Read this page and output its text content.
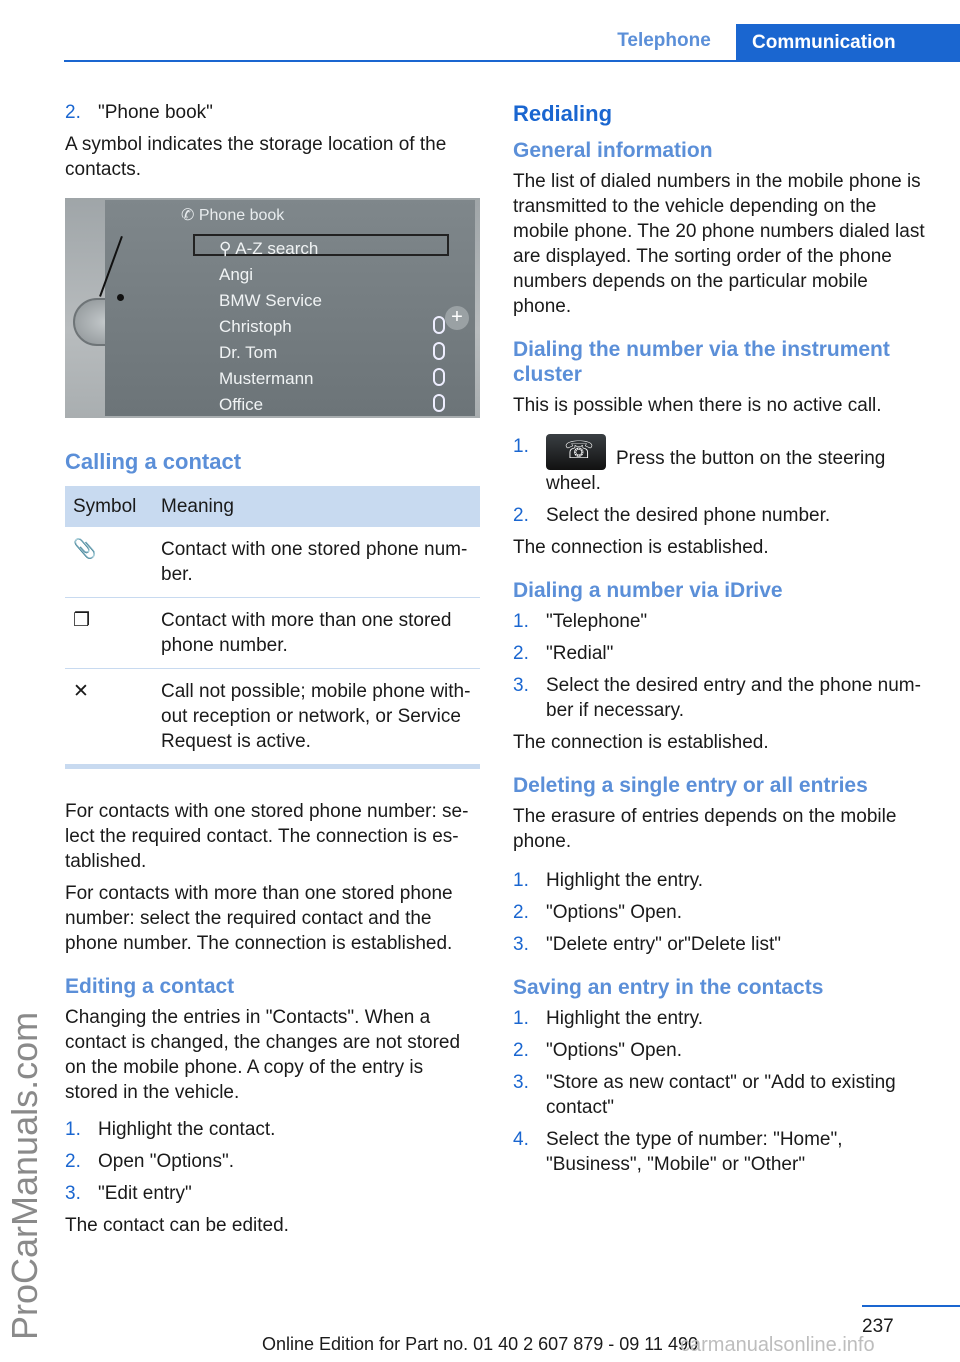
Telephone	Communication
ProCarManuals.com
2. "Phone book"

A symbol indicates the storage location of the contacts.

✆ Phone book
⚲ A-Z search
Angi
BMW Service
Christoph
Dr. Tom
Mustermann
Office
+
Calling a contact
Symbol	Meaning
📎	Contact with one stored phone number.
❐	Contact with more than one stored phone number.
✕	Call not possible; mobile phone without reception or network, or Service Request is active.

For contacts with one stored phone number: select the required contact. The connection is established.

For contacts with more than one stored phone number: select the required contact and the phone number. The connection is established.

Editing a contact

Changing the entries in "Contacts". When a contact is changed, the changes are not stored on the mobile phone. A copy of the entry is stored in the vehicle.

1. Highlight the contact.
2. Open "Options".
3. "Edit entry"

The contact can be edited.

Redialing
General information

The list of dialed numbers in the mobile phone is transmitted to the vehicle depending on the mobile phone. The 20 phone numbers dialed last are displayed. The sorting order of the phone numbers depends on the particular mobile phone.

Dialing the number via the instrument cluster

This is possible when there is no active call.

1. ☏ Press the button on the steering wheel.
2. Select the desired phone number.

The connection is established.

Dialing a number via iDrive
1. "Telephone"
2. "Redial"
3. Select the desired entry and the phone number if necessary.

The connection is established.

Deleting a single entry or all entries

The erasure of entries depends on the mobile phone.

1. Highlight the entry.
2. "Options" Open.
3. "Delete entry" or"Delete list"
Saving an entry in the contacts
1. Highlight the entry.
2. "Options" Open.
3. "Store as new contact" or "Add to existing contact"
4. Select the type of number: "Home", "Business", "Mobile" or "Other"
237
Online Edition for Part no. 01 40 2 607 879 - 09 11 490
carmanualsonline.info
